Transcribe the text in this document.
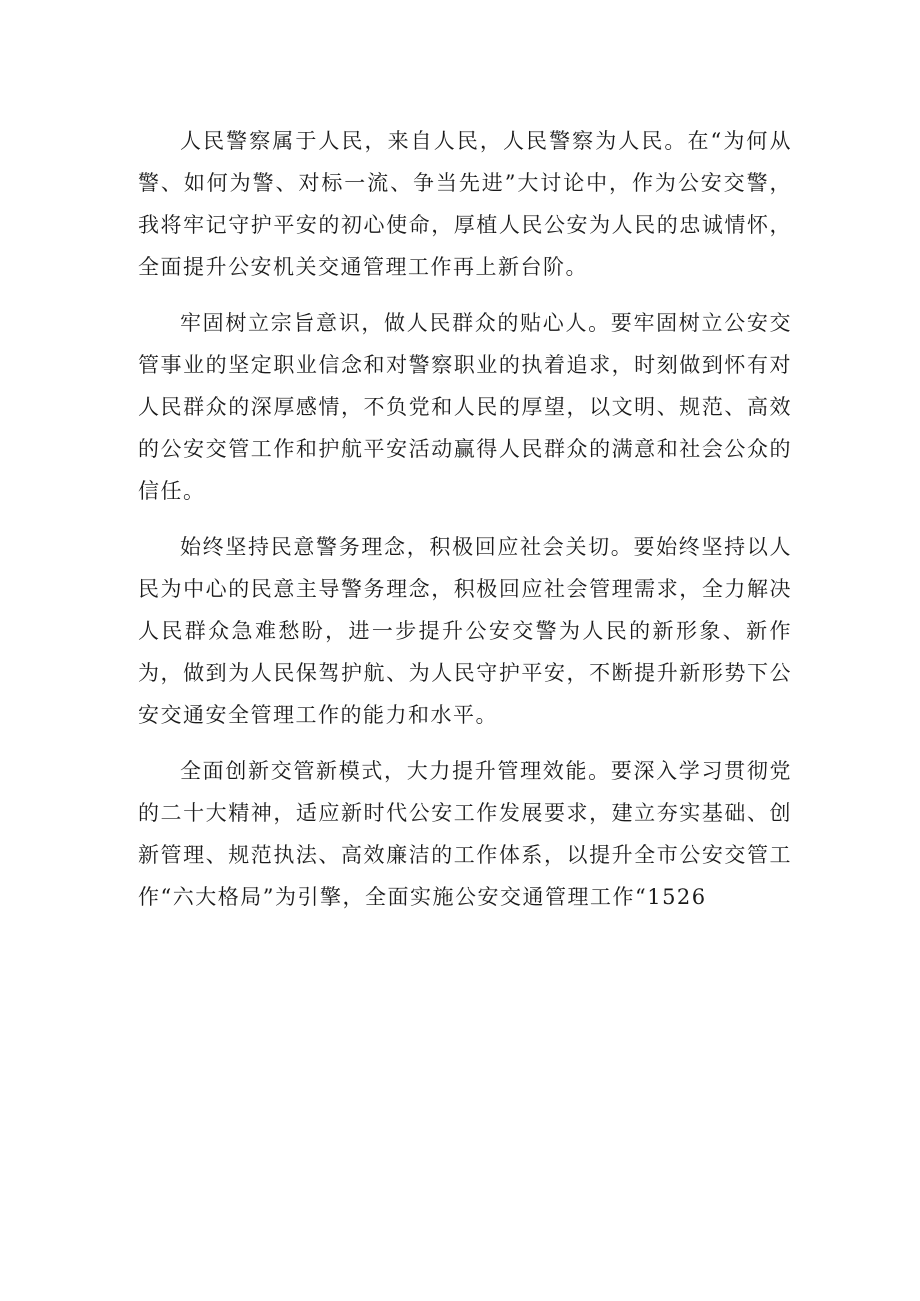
人民警察属于人民，来自人民，人民警察为人民。在“为何从警、如何为警、对标一流、争当先进”大讨论中，作为公安交警，我将牢记守护平安的初心使命，厚植人民公安为人民的忠诚情怀，全面提升公安机关交通管理工作再上新台阶。

牢固树立宗旨意识，做人民群众的贴心人。要牢固树立公安交管事业的坚定职业信念和对警察职业的执着追求，时刻做到怀有对人民群众的深厚感情，不负党和人民的厚望，以文明、规范、高效的公安交管工作和护航平安活动赢得人民群众的满意和社会公众的信任。

始终坚持民意警务理念，积极回应社会关切。要始终坚持以人民为中心的民意主导警务理念，积极回应社会管理需求，全力解决人民群众急难愁盼，进一步提升公安交警为人民的新形象、新作为，做到为人民保驾护航、为人民守护平安，不断提升新形势下公安交通安全管理工作的能力和水平。

全面创新交管新模式，大力提升管理效能。要深入学习贯彻党的二十大精神，适应新时代公安工作发展要求，建立夯实基础、创新管理、规范执法、高效廉洁的工作体系，以提升全市公安交管工作“六大格局”为引擎，全面实施公安交通管理工作“1526
